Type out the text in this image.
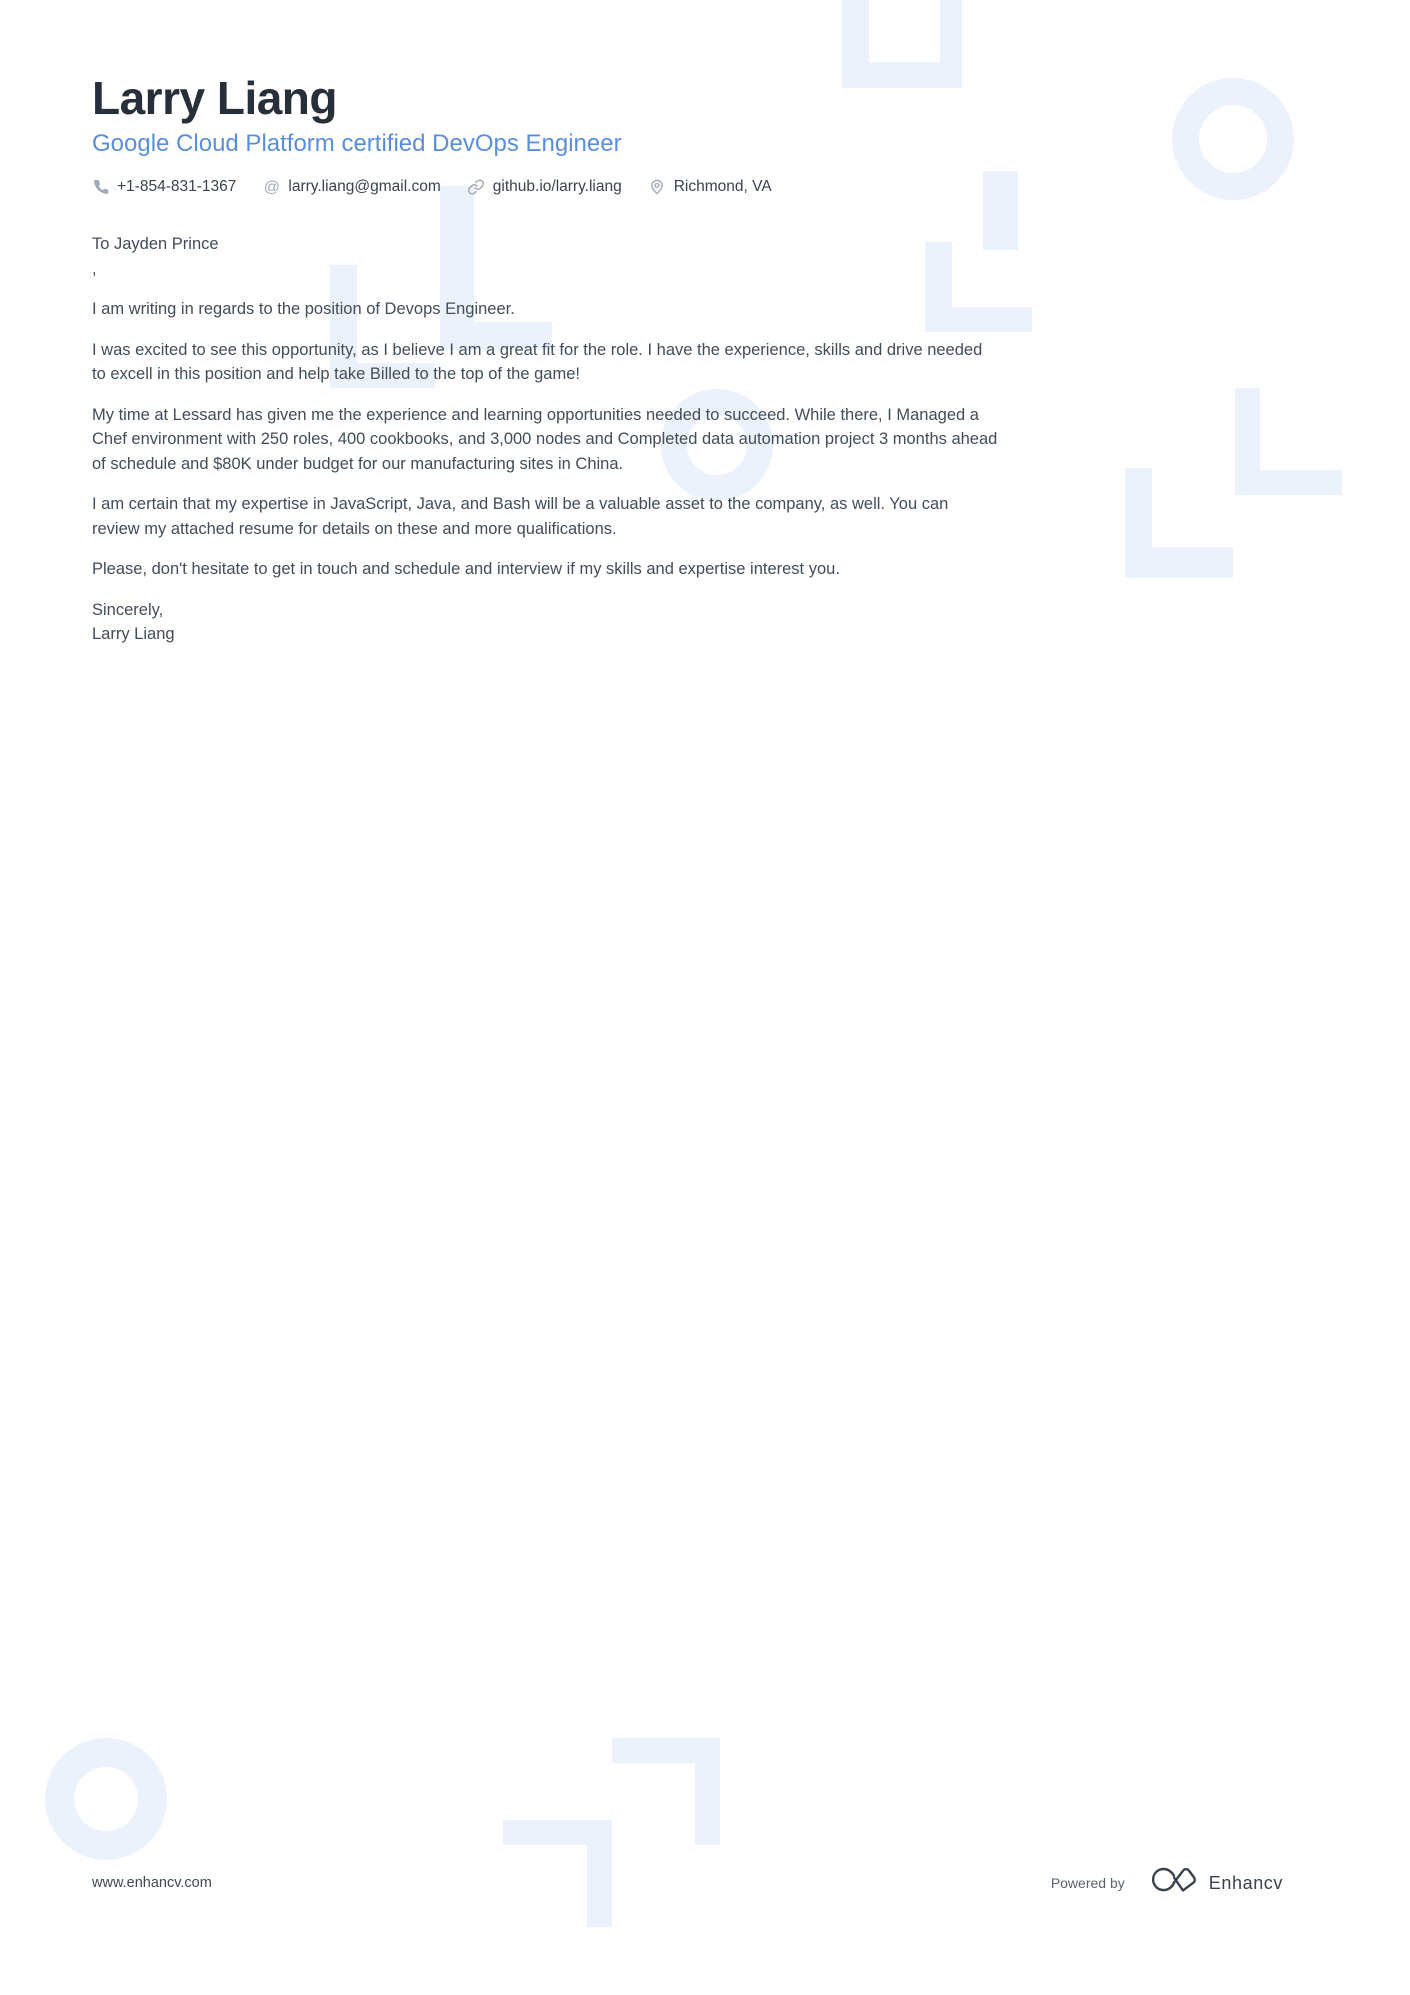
Larry Liang
Google Cloud Platform certified DevOps Engineer
+1-854-831-1367 @ larry.liang@gmail.com	github.io/larry.liang	Richmond, VA

To Jayden Prince
,

I am writing in regards to the position of Devops Engineer.

I was excited to see this opportunity, as I believe I am a great fit for the role. I have the experience, skills and drive needed to excell in this position and help take Billed to the top of the game!

My time at Lessard has given me the experience and learning opportunities needed to succeed. While there, I Managed a Chef environment with 250 roles, 400 cookbooks, and 3,000 nodes and Completed data automation project 3 months ahead of schedule and $80K under budget for our manufacturing sites in China.

I am certain that my expertise in JavaScript, Java, and Bash will be a valuable asset to the company, as well. You can review my attached resume for details on these and more qualifications.

Please, don't hesitate to get in touch and schedule and interview if my skills and expertise interest you.

Sincerely,
Larry Liang

www.enhancv.com	Powered by	Enhancv
